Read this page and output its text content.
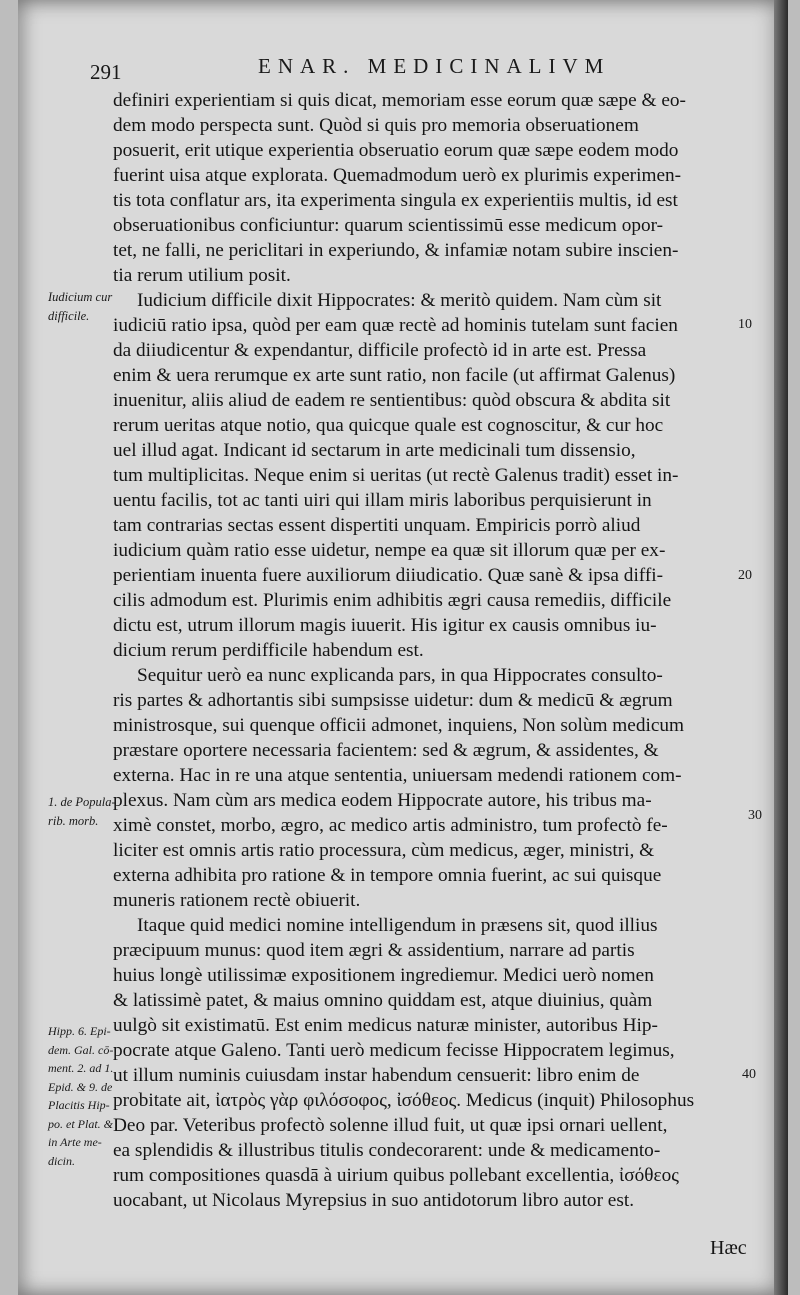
291	ENAR. MEDICINALIVM
definiri experientiam si quis dicat, memoriam esse eorum quæ sæpe & eo-
dem modo perspecta sunt. Quòd si quis pro memoria obseruationem
posuerit, erit utique experientia obseruatio eorum quæ sæpe eodem modo
fuerint uisa atque explorata. Quemadmodum uerò ex plurimis experimen-
tis tota conflatur ars, ita experimenta singula ex experientiis multis, id est
obseruationibus conficiuntur: quarum scientissimū esse medicum opor-
tet, ne falli, ne periclitari in experiundo, & infamiæ notam subire inscien-
tia rerum utilium posit.
Iudicium difficile dixit Hippocrates: & meritò quidem. Nam cùm sit
iudiciū ratio ipsa, quòd per eam quæ rectè ad hominis tutelam sunt facien
da diiudicentur & expendantur, difficile profectò id in arte est. Pressa
enim & uera rerumque ex arte sunt ratio, non facile (ut affirmat Galenus)
inuenitur, aliis aliud de eadem re sentientibus: quòd obscura & abdita sit
rerum ueritas atque notio, qua quicque quale est cognoscitur, & cur hoc
uel illud agat. Indicant id sectarum in arte medicinali tum dissensio,
tum multiplicitas. Neque enim si ueritas (ut rectè Galenus tradit) esset in-
uentu facilis, tot ac tanti uiri qui illam miris laboribus perquisierunt in
tam contrarias sectas essent dispertiti unquam. Empiricis porrò aliud
iudicium quàm ratio esse uidetur, nempe ea quæ sit illorum quæ per ex-
perientiam inuenta fuere auxiliorum diiudicatio. Quæ sanè & ipsa diffi-
cilis admodum est. Plurimis enim adhibitis ægri causa remediis, difficile
dictu est, utrum illorum magis iuuerit. His igitur ex causis omnibus iu-
dicium rerum perdifficile habendum est.
Sequitur uerò ea nunc explicanda pars, in qua Hippocrates consulto-
ris partes & adhortantis sibi sumpsisse uidetur: dum & medicū & ægrum
ministrosque, sui quenque officii admonet, inquiens, Non solùm medicum
præstare oportere necessaria facientem: sed & ægrum, & assidentes, &
externa. Hac in re una atque sententia, uniuersam medendi rationem com-
plexus. Nam cùm ars medica eodem Hippocrate autore, his tribus ma-
ximè constet, morbo, ægro, ac medico artis administro, tum profectò fe-
liciter est omnis artis ratio processura, cùm medicus, æger, ministri, &
externa adhibita pro ratione & in tempore omnia fuerint, ac sui quisque
muneris rationem rectè obiuerit.
Itaque quid medici nomine intelligendum in præsens sit, quod illius
præcipuum munus: quod item ægri & assidentium, narrare ad partis
huius longè utilissimæ expositionem ingrediemur. Medici uerò nomen
& latissimè patet, & maius omnino quiddam est, atque diuinius, quàm
uulgò sit existimatū. Est enim medicus naturæ minister, autoribus Hip-
pocrate atque Galeno. Tanti uerò medicum fecisse Hippocratem legimus,
ut illum numinis cuiusdam instar habendum censuerit: libro enim de
probitate ait, ἰατρὸς γὰρ φιλόσοφος, ἰσόθεος. Medicus (inquit) Philosophus
Deo par. Veteribus profectò solenne illud fuit, ut quæ ipsi ornari uellent,
ea splendidis & illustribus titulis condecorarent: unde & medicamento-
rum compositiones quasdā à uirium quibus pollebant excellentia, ἰσόθεος
uocabant, ut Nicolaus Myrepsius in suo antidotorum libro autor est.
Iudicium cur
difficile.
1. de Popula-
rib. morb.
Hipp. 6. Epi-
dem. Gal. cō-
ment. 2. ad 1.
Epid. & 9. de
Placitis Hip-
po. et Plat. &
in Arte me-
dicin.
10
20
30
40
Hæc
